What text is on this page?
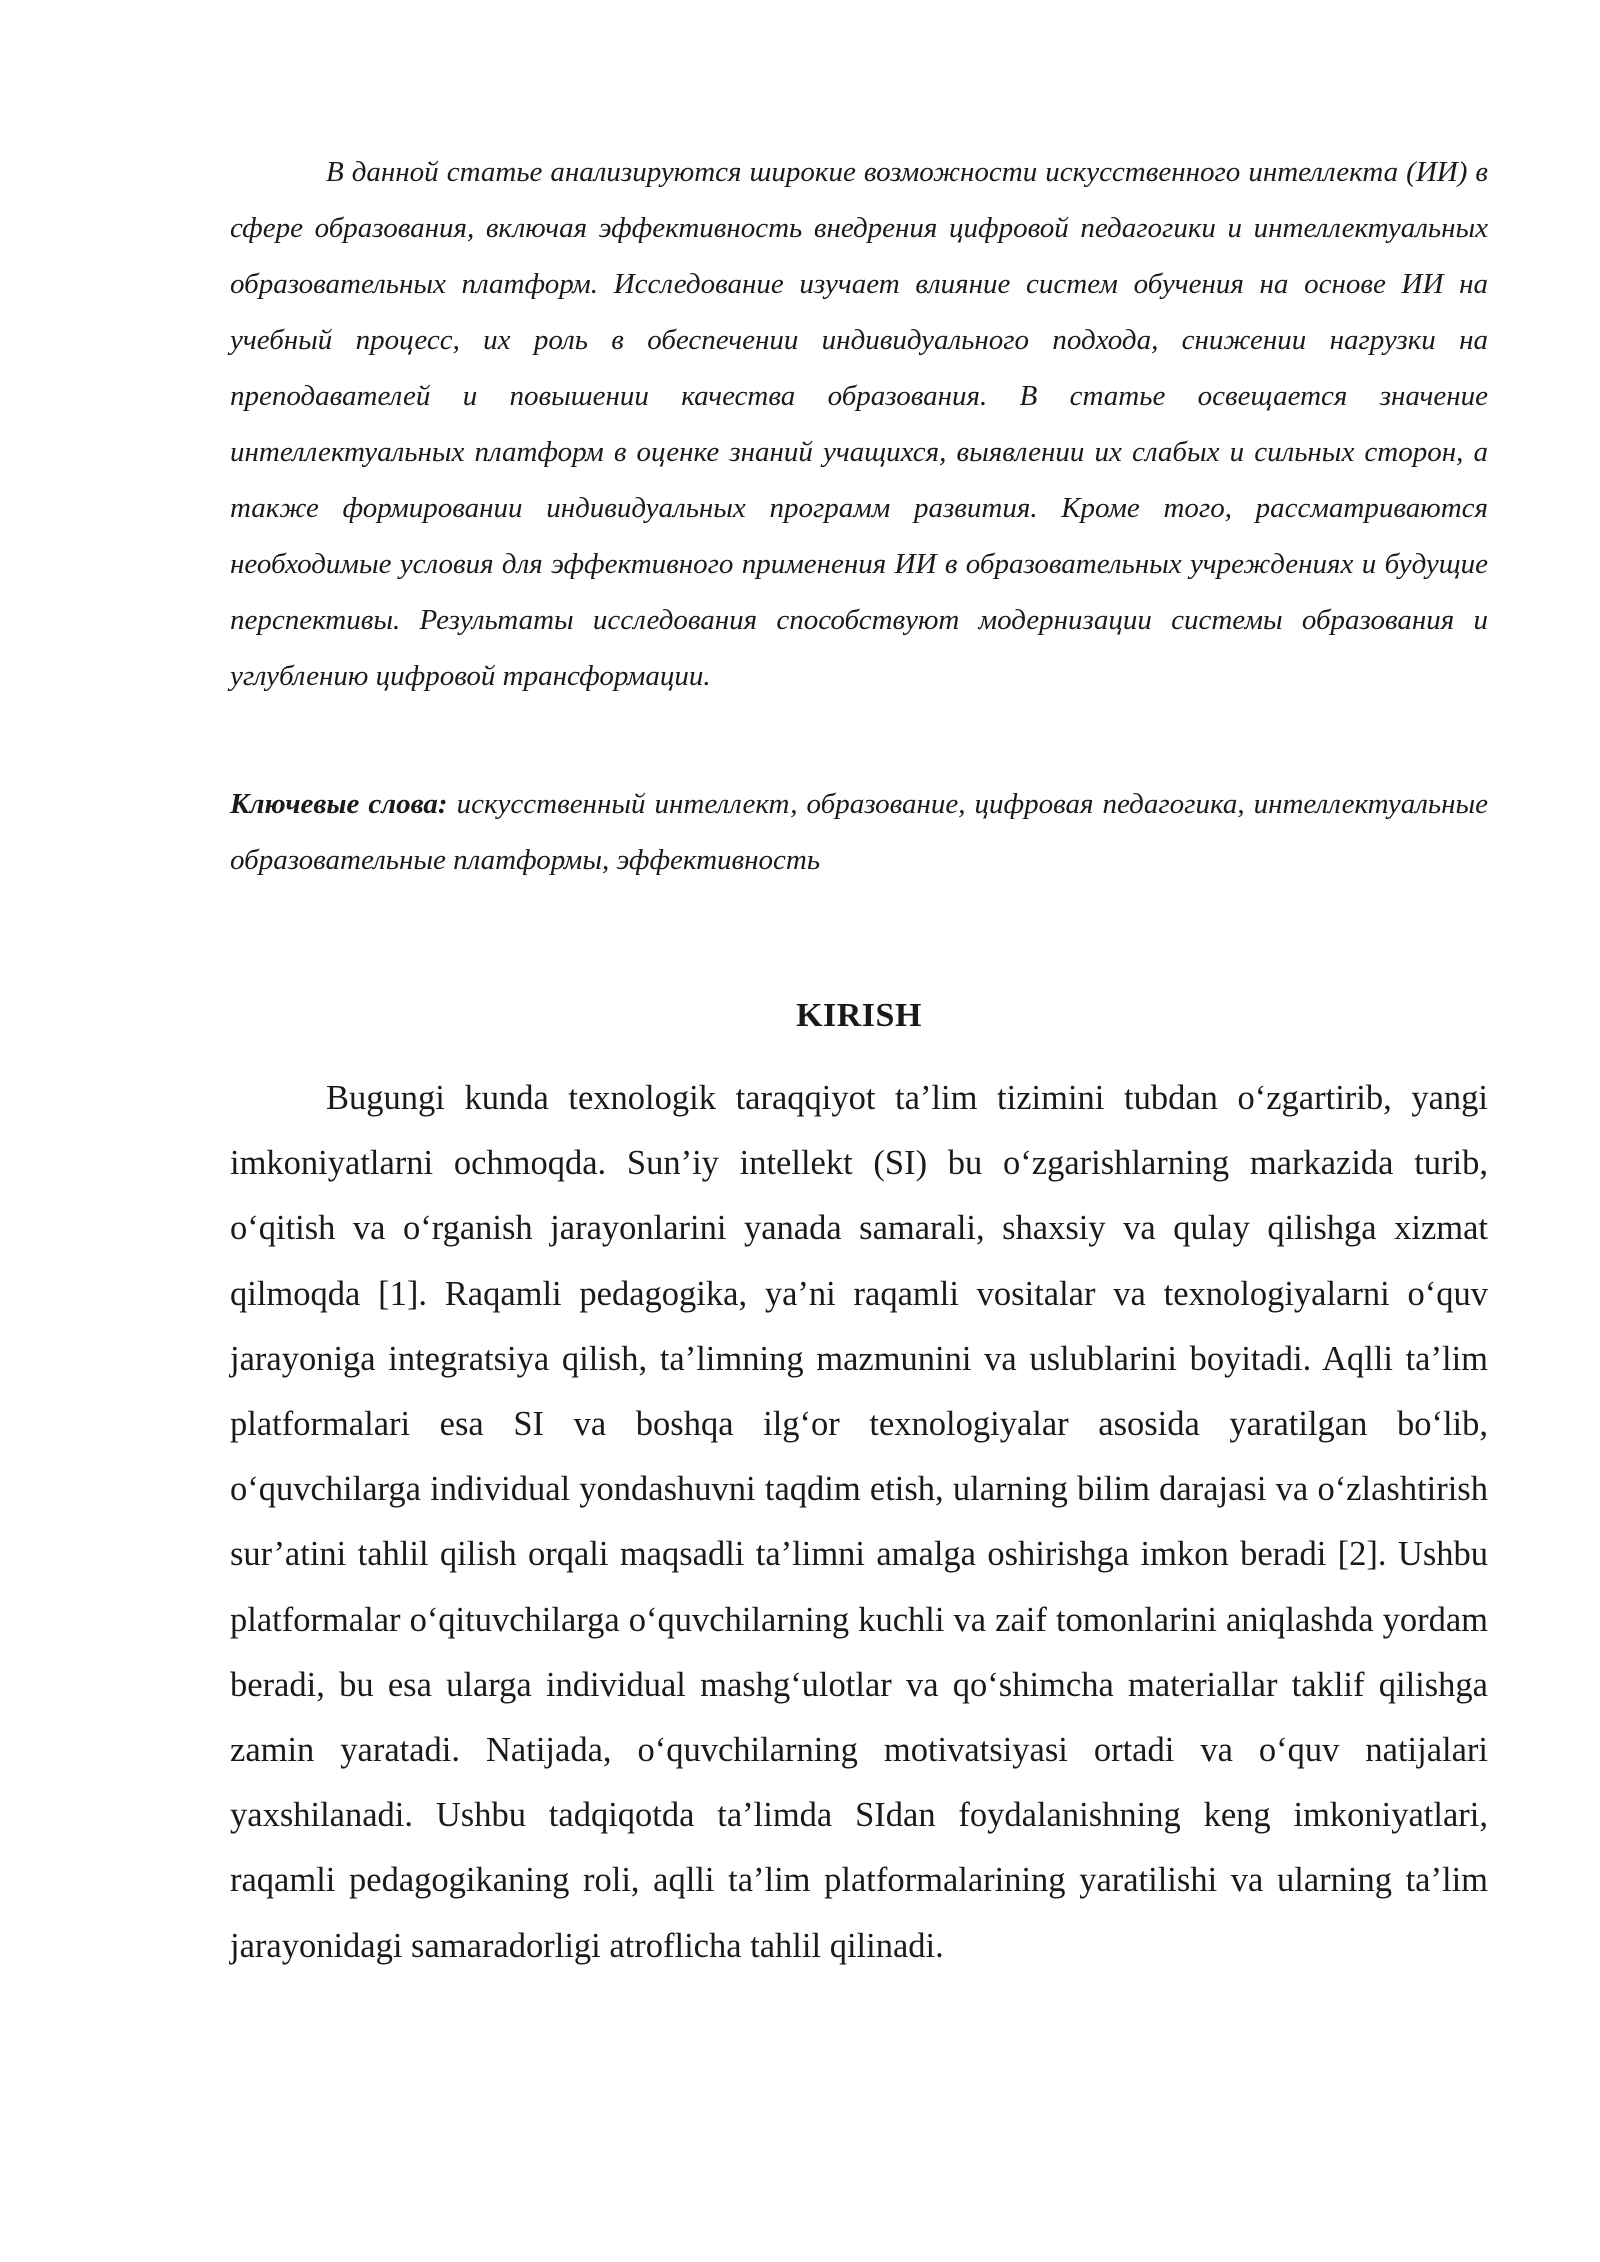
В данной статье анализируются широкие возможности искусственного интеллекта (ИИ) в сфере образования, включая эффективность внедрения цифровой педагогики и интеллектуальных образовательных платформ. Исследование изучает влияние систем обучения на основе ИИ на учебный процесс, их роль в обеспечении индивидуального подхода, снижении нагрузки на преподавателей и повышении качества образования. В статье освещается значение интеллектуальных платформ в оценке знаний учащихся, выявлении их слабых и сильных сторон, а также формировании индивидуальных программ развития. Кроме того, рассматриваются необходимые условия для эффективного применения ИИ в образовательных учреждениях и будущие перспективы. Результаты исследования способствуют модернизации системы образования и углублению цифровой трансформации.

Ключевые слова: искусственный интеллект, образование, цифровая педагогика, интеллектуальные образовательные платформы, эффективность

KIRISH

Bugungi kunda texnologik taraqqiyot ta’lim tizimini tubdan o‘zgartirib, yangi imkoniyatlarni ochmoqda. Sun’iy intellekt (SI) bu o‘zgarishlarning markazida turib, o‘qitish va o‘rganish jarayonlarini yanada samarali, shaxsiy va qulay qilishga xizmat qilmoqda [1]. Raqamli pedagogika, ya’ni raqamli vositalar va texnologiyalarni o‘quv jarayoniga integratsiya qilish, ta’limning mazmunini va uslublarini boyitadi. Aqlli ta’lim platformalari esa SI va boshqa ilg‘or texnologiyalar asosida yaratilgan bo‘lib, o‘quvchilarga individual yondashuvni taqdim etish, ularning bilim darajasi va o‘zlashtirish sur’atini tahlil qilish orqali maqsadli ta’limni amalga oshirishga imkon beradi [2]. Ushbu platformalar o‘qituvchilarga o‘quvchilarning kuchli va zaif tomonlarini aniqlashda yordam beradi, bu esa ularga individual mashg‘ulotlar va qo‘shimcha materiallar taklif qilishga zamin yaratadi. Natijada, o‘quvchilarning motivatsiyasi ortadi va o‘quv natijalari yaxshilanadi. Ushbu tadqiqotda ta’limda SIdan foydalanishning keng imkoniyatlari, raqamli pedagogikaning roli, aqlli ta’lim platformalarining yaratilishi va ularning ta’lim jarayonidagi samaradorligi atroflicha tahlil qilinadi.
